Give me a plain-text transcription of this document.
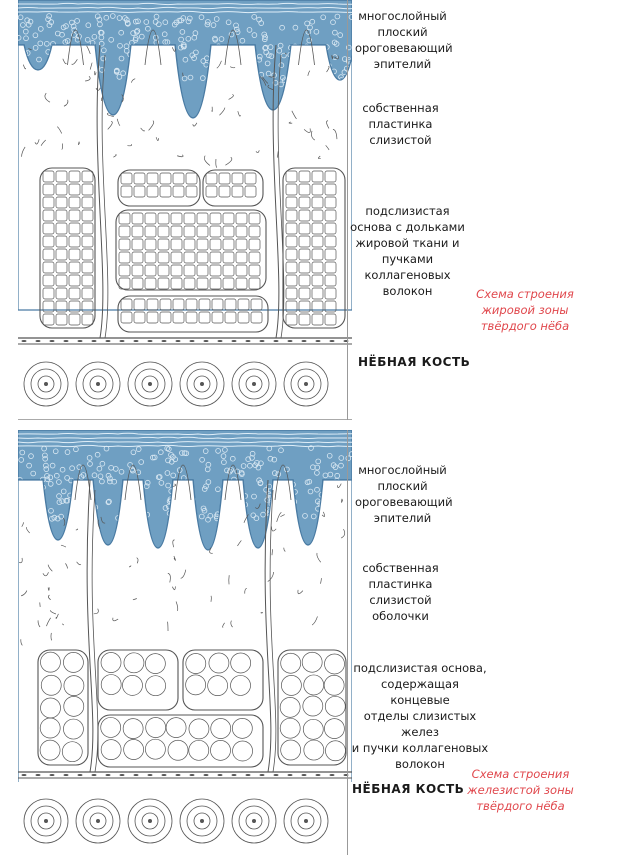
многослойный
плоский
ороговевающий
эпителий
собственная
пластинка
слизистой
подслизистая
основа с дольками
жировой ткани и
пучками
коллагеновых
волокон
НЁБНАЯ КОСТЬ
Схема строения
жировой зоны
твёрдого нёба
многослойный
плоский
ороговевающий
эпителий
собственная
пластинка
слизистой
оболочки
подслизистая основа,
содержащая концевые
отделы слизистых желез
и пучки коллагеновых
волокон
НЁБНАЯ КОСТЬ
Схема строения
железистой зоны
твёрдого нёба
